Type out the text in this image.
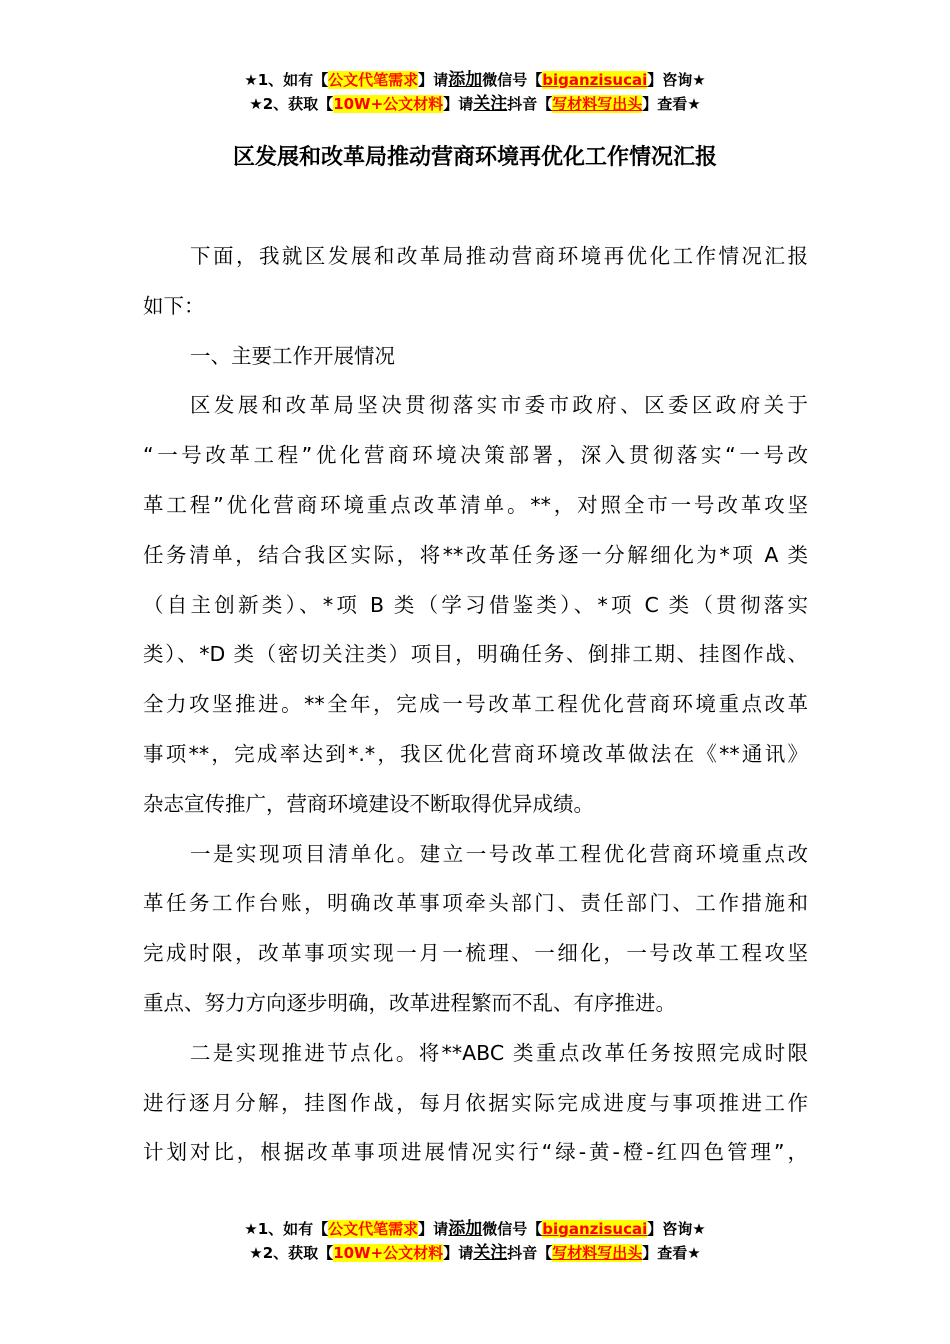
★1、如有【公文代笔需求】请添加微信号【biganzisucai】咨询★
★2、获取【10W+公文材料】请关注抖音【写材料写出头】查看★
区发展和改革局推动营商环境再优化工作情况汇报
下面，我就区发展和改革局推动营商环境再优化工作情况汇报
如下：
一、主要工作开展情况
区发展和改革局坚决贯彻落实市委市政府、区委区政府关于
“一号改革工程”优化营商环境决策部署，深入贯彻落实“一号改
革工程”优化营商环境重点改革清单。**，对照全市一号改革攻坚
任务清单，结合我区实际，将**改革任务逐一分解细化为*项 A 类
（自主创新类）、*项 B 类（学习借鉴类）、*项 C 类（贯彻落实
类）、*D 类（密切关注类）项目，明确任务、倒排工期、挂图作战、
全力攻坚推进。**全年，完成一号改革工程优化营商环境重点改革
事项**，完成率达到*.*，我区优化营商环境改革做法在《**通讯》
杂志宣传推广，营商环境建设不断取得优异成绩。
一是实现项目清单化。建立一号改革工程优化营商环境重点改
革任务工作台账，明确改革事项牵头部门、责任部门、工作措施和
完成时限，改革事项实现一月一梳理、一细化，一号改革工程攻坚
重点、努力方向逐步明确，改革进程繁而不乱、有序推进。
二是实现推进节点化。将**ABC 类重点改革任务按照完成时限
进行逐月分解，挂图作战，每月依据实际完成进度与事项推进工作
计划对比，根据改革事项进展情况实行“绿-黄-橙-红四色管理”，
★1、如有【公文代笔需求】请添加微信号【biganzisucai】咨询★
★2、获取【10W+公文材料】请关注抖音【写材料写出头】查看★
